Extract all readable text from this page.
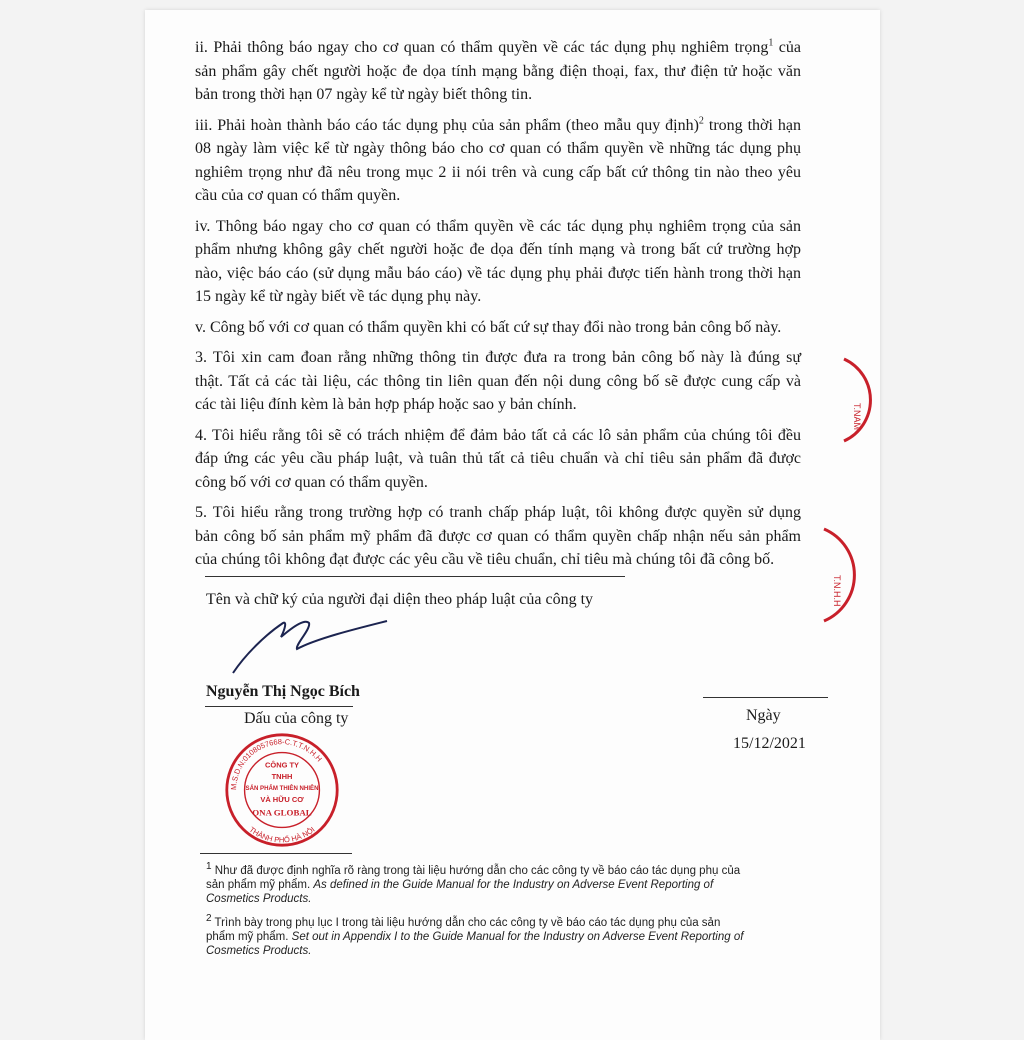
ii. Phải thông báo ngay cho cơ quan có thẩm quyền về các tác dụng phụ nghiêm trọng$^1$ của
sản phẩm gây chết người hoặc đe dọa tính mạng bằng điện thoại, fax, thư điện tử hoặc văn
bản trong thời hạn 07 ngày kể từ ngày biết thông tin.
iii. Phải hoàn thành báo cáo tác dụng phụ của sản phẩm (theo mẫu quy định)$^2$ trong thời hạn
08 ngày làm việc kể từ ngày thông báo cho cơ quan có thẩm quyền về những tác dụng phụ
nghiêm trọng như đã nêu trong mục 2 ii nói trên và cung cấp bất cứ thông tin nào theo yêu
cầu của cơ quan có thẩm quyền.
iv. Thông báo ngay cho cơ quan có thẩm quyền về các tác dụng phụ nghiêm trọng của sản
phẩm nhưng không gây chết người hoặc đe dọa đến tính mạng và trong bất cứ trường hợp
nào, việc báo cáo (sử dụng mẫu báo cáo) về tác dụng phụ phải được tiến hành trong thời hạn
15 ngày kể từ ngày biết về tác dụng phụ này.
v. Công bố với cơ quan có thẩm quyền khi có bất cứ sự thay đổi nào trong bản công bố này.
3. Tôi xin cam đoan rằng những thông tin được đưa ra trong bản công bố này là đúng sự
thật. Tất cả các tài liệu, các thông tin liên quan đến nội dung công bố sẽ được cung cấp và
các tài liệu đính kèm là bản hợp pháp hoặc sao y bản chính.
4. Tôi hiểu rằng tôi sẽ có trách nhiệm để đảm bảo tất cả các lô sản phẩm của chúng tôi đều
đáp ứng các yêu cầu pháp luật, và tuân thủ tất cả tiêu chuẩn và chỉ tiêu sản phẩm đã được
công bố với cơ quan có thẩm quyền.
5. Tôi hiểu rằng trong trường hợp có tranh chấp pháp luật, tôi không được quyền sử dụng
bản công bố sản phẩm mỹ phẩm đã được cơ quan có thẩm quyền chấp nhận nếu sản phẩm
của chúng tôi không đạt được các yêu cầu về tiêu chuẩn, chỉ tiêu mà chúng tôi đã công bố.
Tên và chữ ký của người đại diện theo pháp luật của công ty
Nguyễn Thị Ngọc Bích
Dấu của công ty	Ngày
15/12/2021
M.S.D.N:0108057668-C.T.T.N.H.H
THÀNH PHỐ HÀ NỘI
CÔNG TY
TNHH
SẢN PHẨM THIÊN NHIÊN
VÀ HỮU CƠ
ONA GLOBAL
T.NAM
T.N.H.H
$^1$ Như đã được định nghĩa rõ ràng trong tài liệu hướng dẫn cho các công ty về báo cáo tác dụng phụ của
sản phẩm mỹ phẩm. As defined in the Guide Manual for the Industry on Adverse Event Reporting of
Cosmetics Products.
$^2$ Trình bày trong phụ lục I trong tài liệu hướng dẫn cho các công ty về báo cáo tác dụng phụ của sản
phẩm mỹ phẩm. Set out in Appendix I to the Guide Manual for the Industry on Adverse Event Reporting of
Cosmetics Products.
